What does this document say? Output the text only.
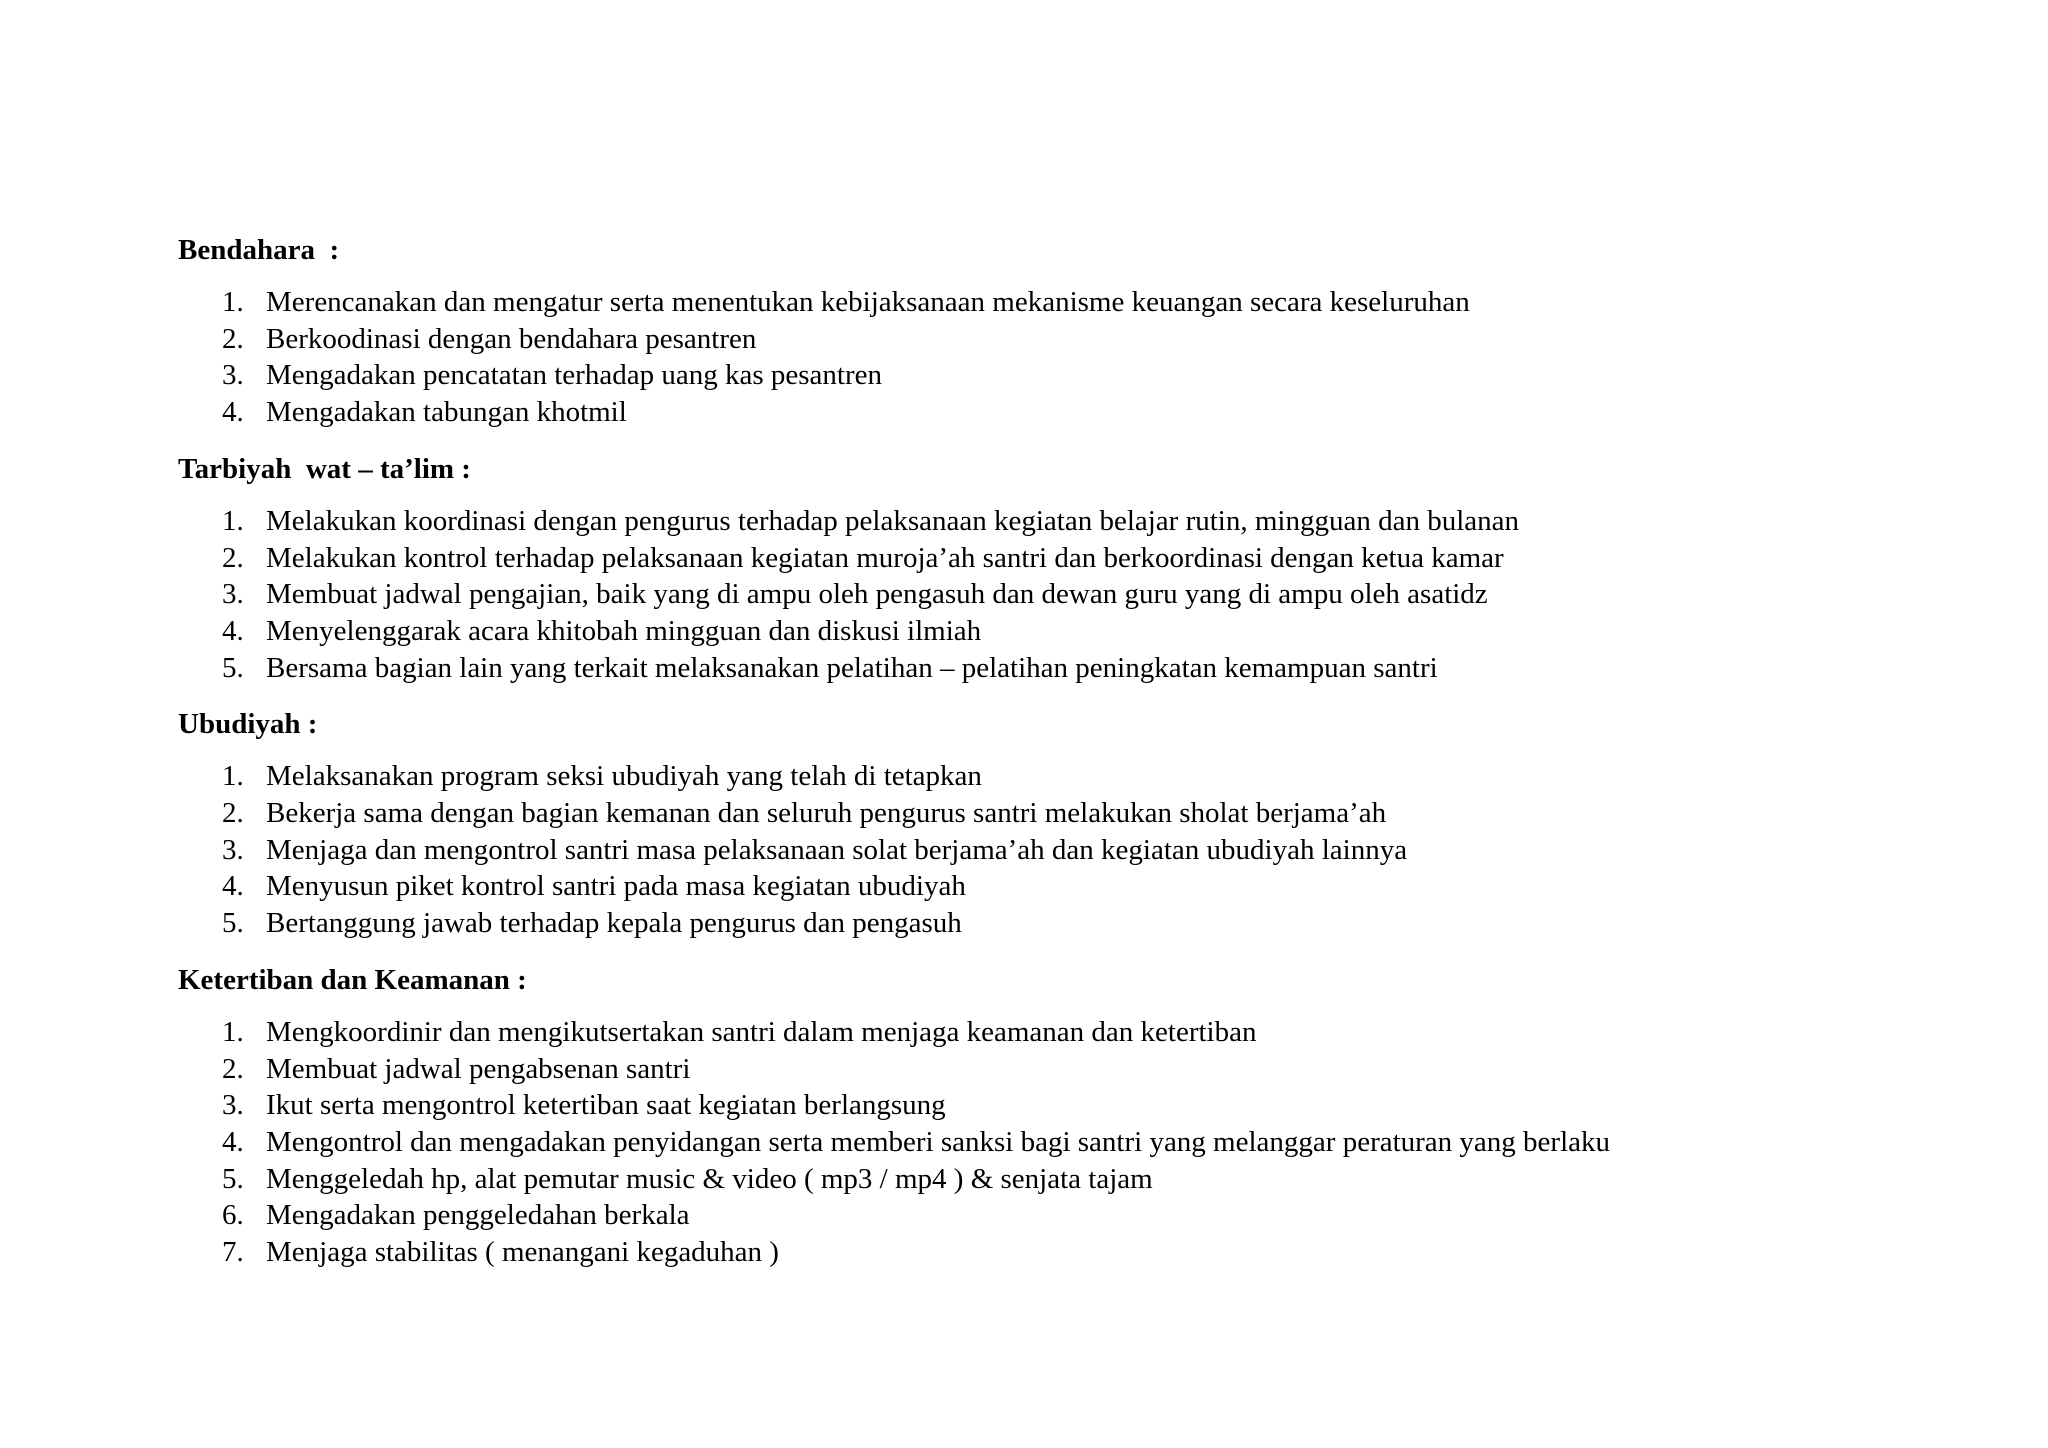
Bendahara  :
1. Merencanakan dan mengatur serta menentukan kebijaksanaan mekanisme keuangan secara keseluruhan
2. Berkoodinasi dengan bendahara pesantren
3. Mengadakan pencatatan terhadap uang kas pesantren
4. Mengadakan tabungan khotmil
Tarbiyah  wat – ta’lim :
1. Melakukan koordinasi dengan pengurus terhadap pelaksanaan kegiatan belajar rutin, mingguan dan bulanan
2. Melakukan kontrol terhadap pelaksanaan kegiatan muroja’ah santri dan berkoordinasi dengan ketua kamar
3. Membuat jadwal pengajian, baik yang di ampu oleh pengasuh dan dewan guru yang di ampu oleh asatidz
4. Menyelenggarak acara khitobah mingguan dan diskusi ilmiah
5. Bersama bagian lain yang terkait melaksanakan pelatihan – pelatihan peningkatan kemampuan santri
Ubudiyah :
1. Melaksanakan program seksi ubudiyah yang telah di tetapkan
2. Bekerja sama dengan bagian kemanan dan seluruh pengurus santri melakukan sholat berjama’ah
3. Menjaga dan mengontrol santri masa pelaksanaan solat berjama’ah dan kegiatan ubudiyah lainnya
4. Menyusun piket kontrol santri pada masa kegiatan ubudiyah
5. Bertanggung jawab terhadap kepala pengurus dan pengasuh
Ketertiban dan Keamanan :
1. Mengkoordinir dan mengikutsertakan santri dalam menjaga keamanan dan ketertiban
2. Membuat jadwal pengabsenan santri
3. Ikut serta mengontrol ketertiban saat kegiatan berlangsung
4. Mengontrol dan mengadakan penyidangan serta memberi sanksi bagi santri yang melanggar peraturan yang berlaku
5. Menggeledah hp, alat pemutar music & video ( mp3 / mp4 ) & senjata tajam
6. Mengadakan penggeledahan berkala
7. Menjaga stabilitas ( menangani kegaduhan )
